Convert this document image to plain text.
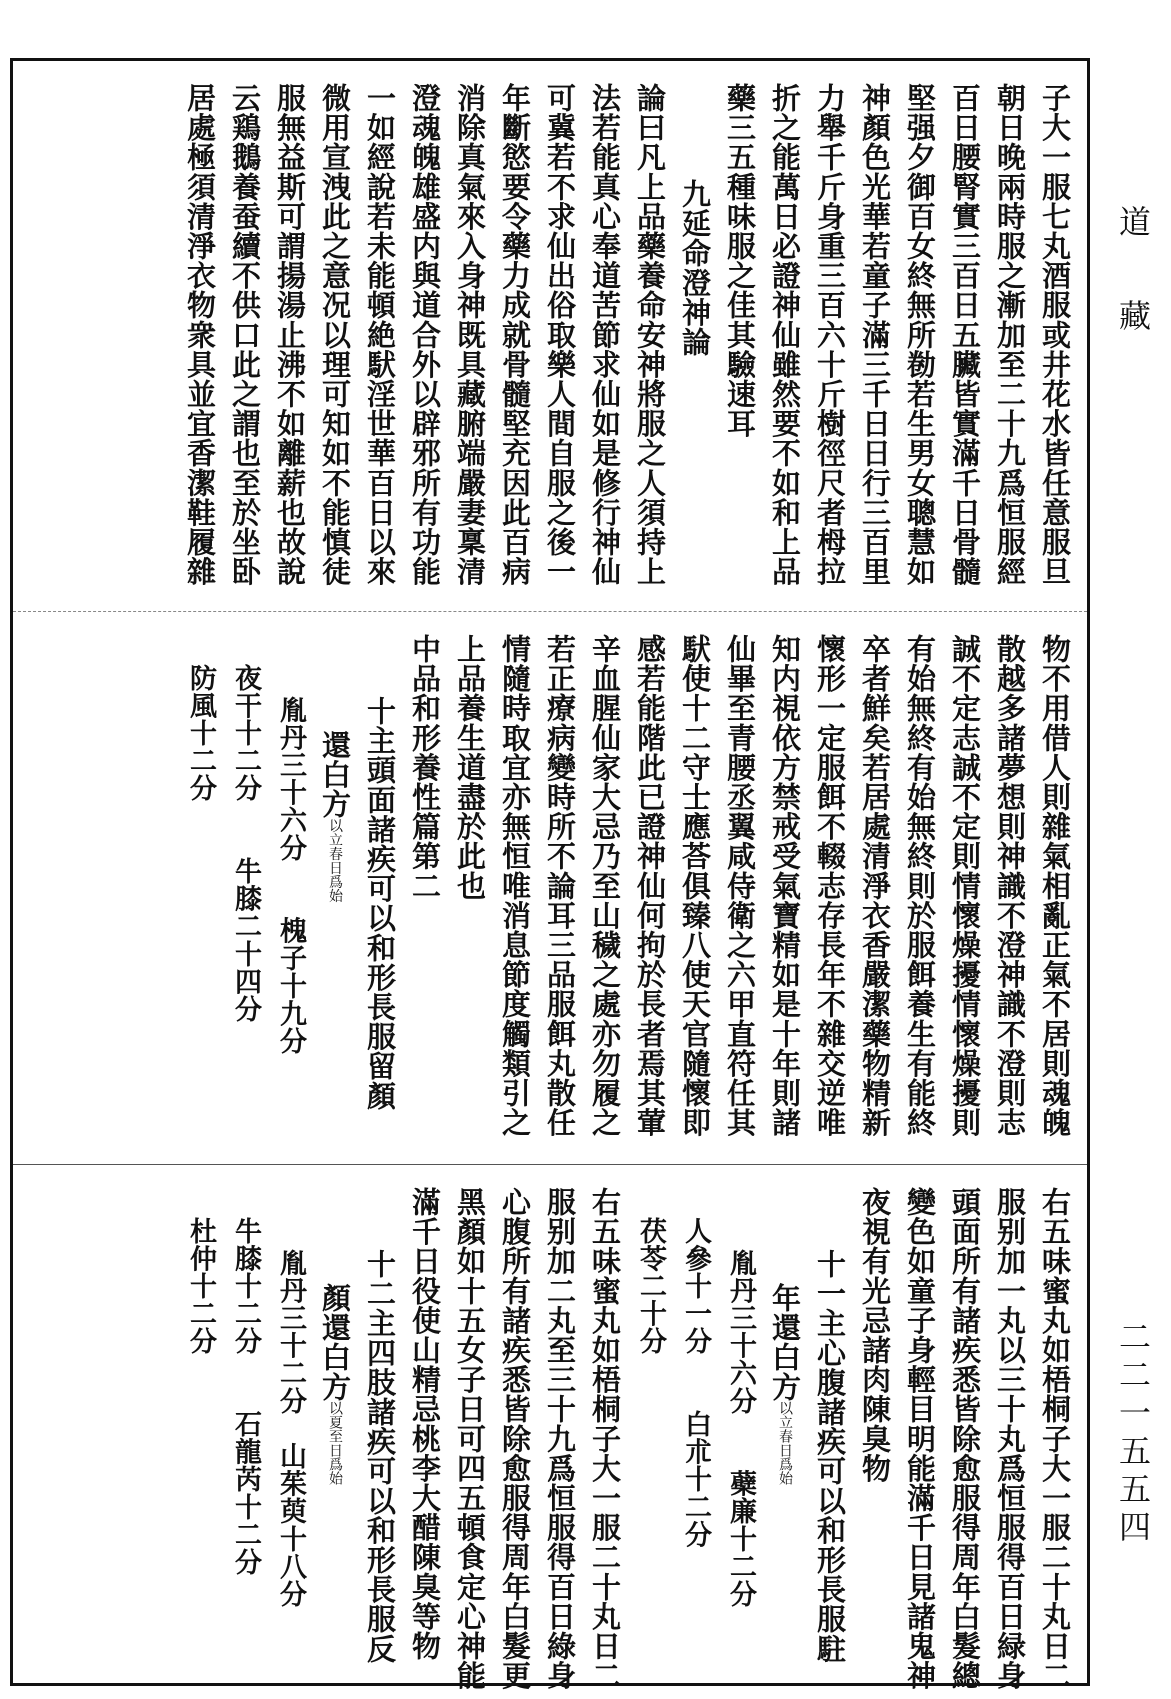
道藏
二二一五五四
子大一服七丸酒服或井花水皆任意服旦
朝日晚兩時服之漸加至二十九爲恒服經
百日腰腎實三百日五臟皆實滿千日骨髓
堅强夕御百女終無所勌若生男女聰慧如
神顏色光華若童子滿三千日日行三百里
力舉千斤身重三百六十斤樹徑尺者栂拉
折之能萬日必證神仙雖然要不如和上品
藥三五種味服之佳其驗速耳
九延命澄神論
論曰凡上品藥養命安神將服之人須持上
法若能真心奉道苦節求仙如是修行神仙
可冀若不求仙出俗取樂人間自服之後一
年斷慾要令藥力成就骨髓堅充因此百病
消除真氣來入身神既具藏腑端嚴妻稟清
澄魂魄雄盛内與道合外以辟邪所有功能
一如經說若未能頓絶䭾淫世華百日以來
微用宣洩此之意况以理可知如不能慎徒
服無益斯可謂揚湯止沸不如離薪也故說
云鶏鵝養蚕續不供口此之謂也至於坐卧
居處極須清淨衣物衆具並宜香潔鞋履雜
物不用借人則雜氣相亂正氣不居則魂魄
散越多諸夢想則神識不澄神識不澄則志
誠不定志誠不定則情懷燥擾情懷燥擾則
有始無終有始無終則於服餌養生有能終
卒者鮮矣若居處清淨衣香嚴潔藥物精新
懷形一定服餌不輟志存長年不雜交逆唯
知内視依方禁戒受氣寶精如是十年則諸
仙畢至青腰丞翼咸侍衛之六甲直符任其
䭾使十二守士應荅俱臻八使天官隨懷即
感若能階此已證神仙何拘於長者焉其葷
辛血腥仙家大忌乃至山穢之處亦勿履之
若正療病變時所不論耳三品服餌丸散任
情隨時取宜亦無恒唯消息節度觸類引之
上品養生道盡於此也
中品和形養性篇第二
十主頭面諸疾可以和形長服留顏
還白方以立春日爲始
胤丹三十六分　　槐子十九分
夜干十二分　　牛膝二十四分
防風十二分
右五味蜜丸如梧桐子大一服二十丸日二
服别加一丸以三十丸爲恒服得百日緑身
頭面所有諸疾悉皆除愈服得周年白髮總
變色如童子身輕目明能滿千日見諸鬼神
夜視有光忌諸肉陳臭物
十一主心腹諸疾可以和形長服駐
年還白方以立春日爲始
胤丹三十六分　　蘗廉十二分
人參十一分　　白朮十二分
茯苓二十分
右五味蜜丸如梧桐子大一服二十丸日二
服别加二丸至三十九爲恒服得百日綠身
心腹所有諸疾悉皆除愈服得周年白髮更
黑顏如十五女子日可四五頓食定心神能
滿千日役使山精忌桃李大醋陳臭等物
十二主四肢諸疾可以和形長服反
顏還白方以夏至日爲始
胤丹三十二分　山茱萸十八分
牛膝十二分　　石龍芮十二分
杜仲十二分
